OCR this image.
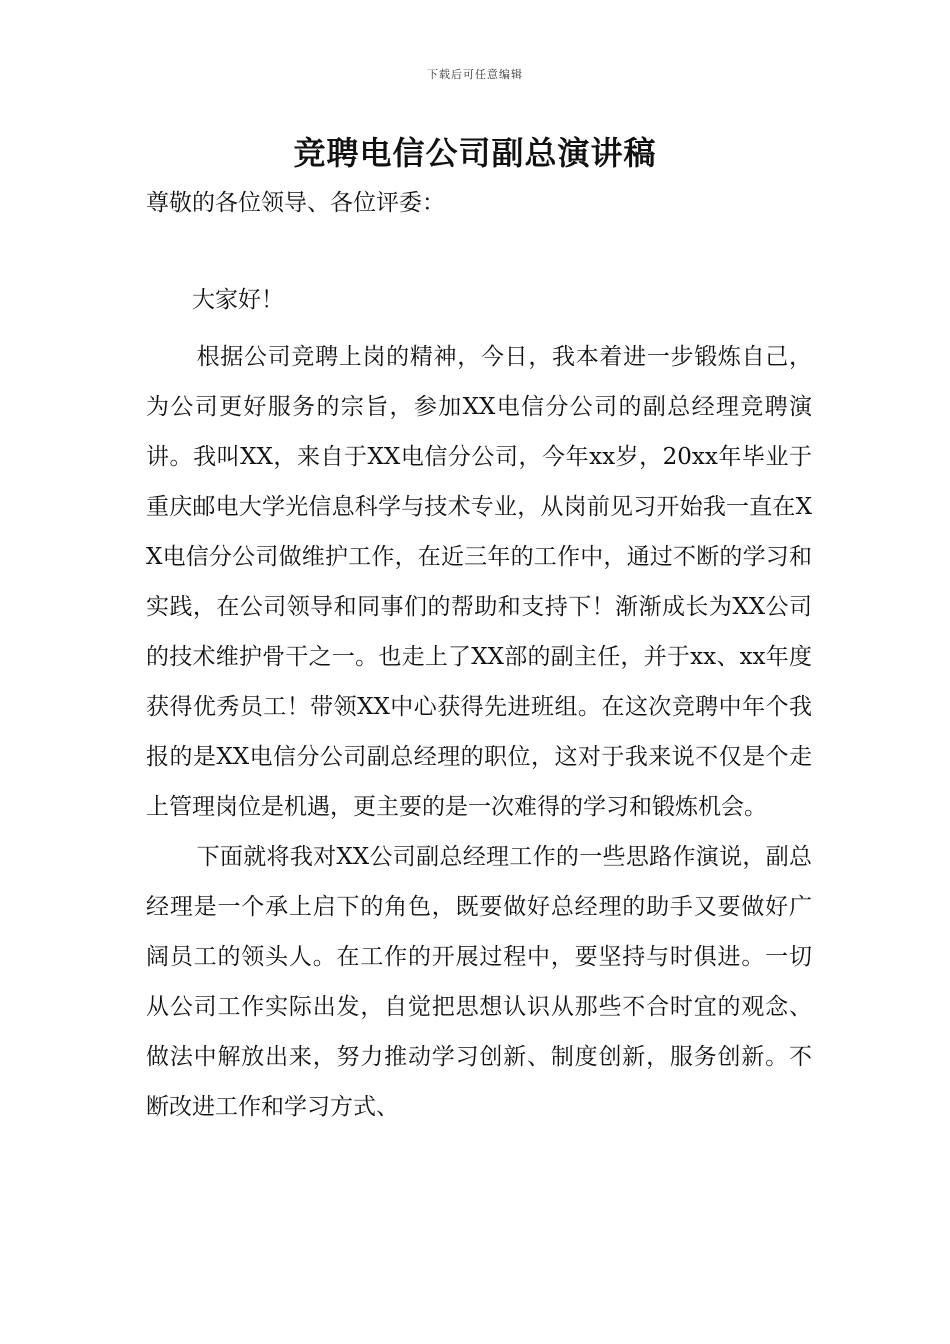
下载后可任意编辑
竞聘电信公司副总演讲稿

尊敬的各位领导、各位评委：

大家好！

根据公司竞聘上岗的精神，今日，我本着进一步锻炼自己，为公司更好服务的宗旨，参加XX电信分公司的副总经理竞聘演讲。我叫XX，来自于XX电信分公司，今年xx岁，20xx年毕业于重庆邮电大学光信息科学与技术专业，从岗前见习开始我一直在XX电信分公司做维护工作，在近三年的工作中，通过不断的学习和实践，在公司领导和同事们的帮助和支持下！渐渐成长为XX公司的技术维护骨干之一。也走上了XX部的副主任，并于xx、xx年度获得优秀员工！带领XX中心获得先进班组。在这次竞聘中年个我报的是XX电信分公司副总经理的职位，这对于我来说不仅是个走上管理岗位是机遇，更主要的是一次难得的学习和锻炼机会。

下面就将我对XX公司副总经理工作的一些思路作演说，副总经理是一个承上启下的角色，既要做好总经理的助手又要做好广阔员工的领头人。在工作的开展过程中，要坚持与时俱进。一切从公司工作实际出发，自觉把思想认识从那些不合时宜的观念、做法中解放出来，努力推动学习创新、制度创新，服务创新。不断改进工作和学习方式、
